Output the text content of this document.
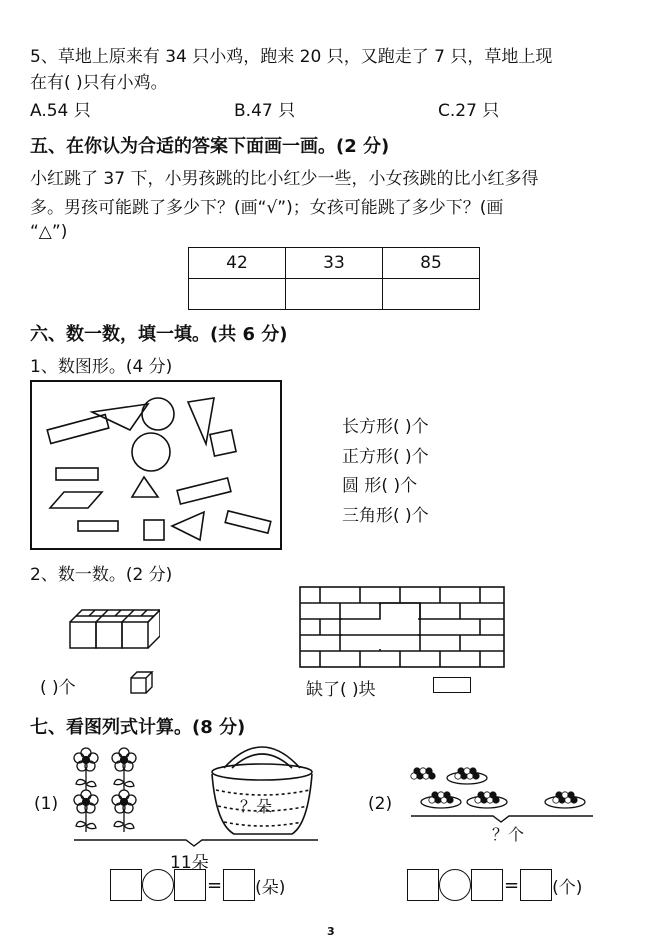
5、草地上原来有 34 只小鸡，跑来 20 只，又跑走了 7 只，草地上现
在有( )只有小鸡。
A.54 只	B.47 只	C.27 只
五、在你认为合适的答案下面画一画。(2 分)
小红跳了 37 下，小男孩跳的比小红少一些，小女孩跳的比小红多得
多。男孩可能跳了多少下？(画“√”)；女孩可能跳了多少下？(画
“△”)
42	33	85

六、数一数，填一填。(共 6 分)
1、数图形。(4 分)
长方形( )个
正方形( )个
圆 形( )个
三角形( )个
2、数一数。(2 分)
( )个	缺了( )块
七、看图列式计算。(8 分)
(1)	？朵
11朵
= (朵)
(2)
？个
= (个)
3
